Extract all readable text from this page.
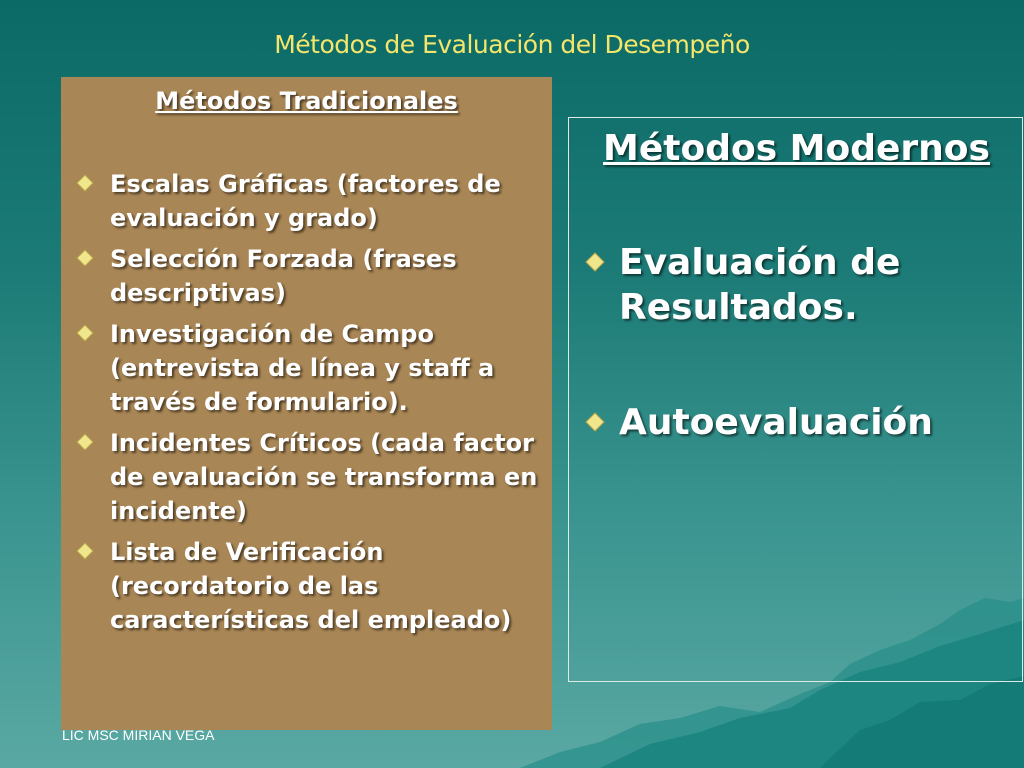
Métodos de Evaluación del Desempeño
Métodos Tradicionales
Escalas Gráficas (factores de evaluación y grado)
Selección Forzada (frases descriptivas)
Investigación de Campo (entrevista de línea y staff a través de formulario).
Incidentes Críticos (cada factor de evaluación se transforma en incidente)
Lista de Verificación (recordatorio de las características del empleado)
Métodos Modernos
Evaluación de Resultados.
Autoevaluación
LIC MSC MIRIAN VEGA
